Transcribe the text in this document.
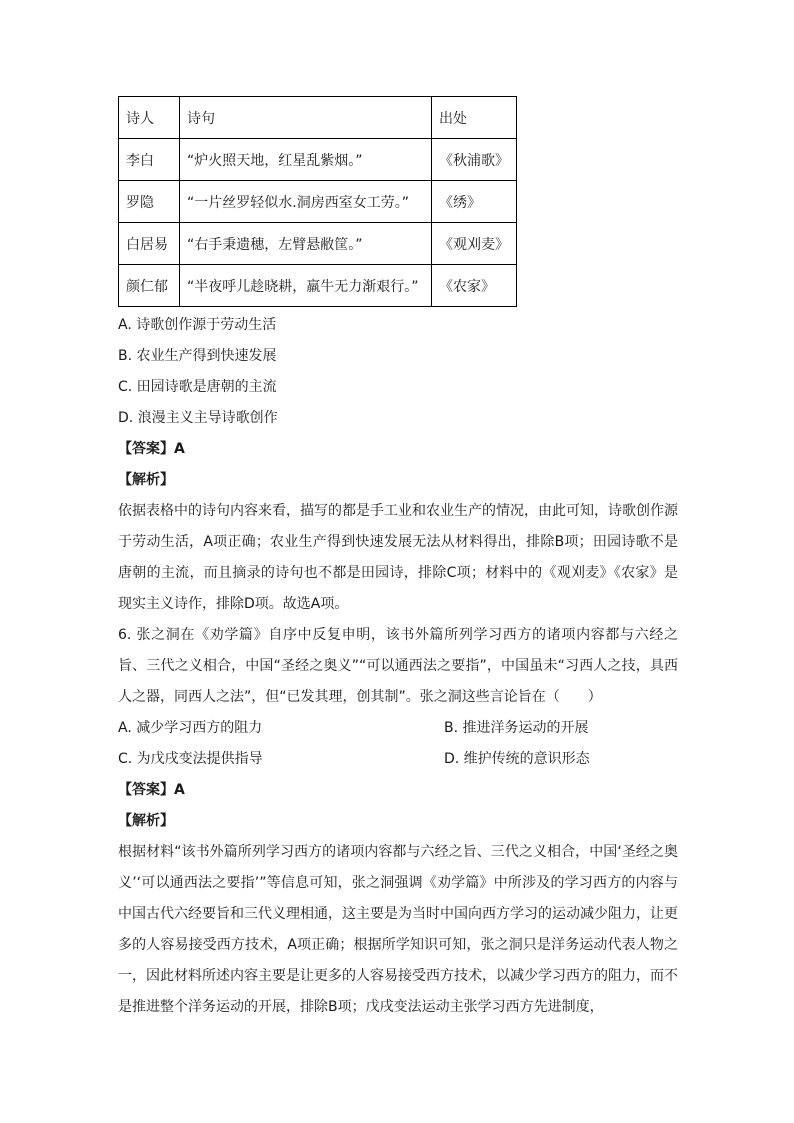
诗人	诗句	出处
李白	“炉火照天地，红星乱紫烟。”	《秋浦歌》
罗隐	“一片丝罗轻似水.洞房西室女工劳。”	《绣》
白居易	“右手秉遗穗，左臂悬敝筐。”	《观刈麦》
颜仁郁	“半夜呼儿趁晓耕，羸牛无力渐艰行。”	《农家》
A. 诗歌创作源于劳动生活
B. 农业生产得到快速发展
C. 田园诗歌是唐朝的主流
D. 浪漫主义主导诗歌创作
【答案】A
【解析】
依据表格中的诗句内容来看，描写的都是手工业和农业生产的情况，由此可知，诗歌创作源于劳动生活，A项正确；农业生产得到快速发展无法从材料得出，排除B项；田园诗歌不是唐朝的主流，而且摘录的诗句也不都是田园诗，排除C项；材料中的《观刈麦》《农家》是现实主义诗作，排除D项。故选A项。
6. 张之洞在《劝学篇》自序中反复申明，该书外篇所列学习西方的诸项内容都与六经之旨、三代之义相合，中国“圣经之奥义”“可以通西法之要指”，中国虽未“习西人之技，具西人之器，同西人之法”，但“已发其理，创其制”。张之洞这些言论旨在（　　）
A. 减少学习西方的阻力	B. 推进洋务运动的开展
C. 为戊戌变法提供指导	D. 维护传统的意识形态
【答案】A
【解析】
根据材料“该书外篇所列学习西方的诸项内容都与六经之旨、三代之义相合，中国‘圣经之奥义’‘可以通西法之要指’”等信息可知，张之洞强调《劝学篇》中所涉及的学习西方的内容与中国古代六经要旨和三代义理相通，这主要是为当时中国向西方学习的运动减少阻力，让更多的人容易接受西方技术，A项正确；根据所学知识可知，张之洞只是洋务运动代表人物之一，因此材料所述内容主要是让更多的人容易接受西方技术，以减少学习西方的阻力，而不是推进整个洋务运动的开展，排除B项；戊戌变法运动主张学习西方先进制度，
